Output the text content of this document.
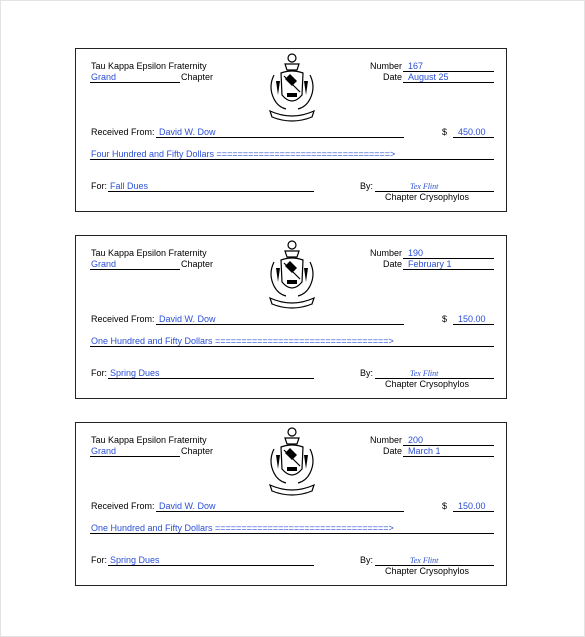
Tau Kappa Epsilon Fraternity
Grand	Chapter
Number 167
Date August 25
Received From: David W. Dow	$ 450.00
Four Hundred and Fifty Dollars =================================>
For: Fall Dues	By:	Tex Flint
Chapter Crysophylos
Tau Kappa Epsilon Fraternity
Grand	Chapter
Number 190
Date February 1
Received From: David W. Dow	$ 150.00
One Hundred and Fifty Dollars =================================>
For: Spring Dues	By:	Tex Flint
Chapter Crysophylos
Tau Kappa Epsilon Fraternity
Grand	Chapter
Number 200
Date March 1
Received From: David W. Dow	$ 150.00
One Hundred and Fifty Dollars =================================>
For: Spring Dues	By:	Tex Flint
Chapter Crysophylos
